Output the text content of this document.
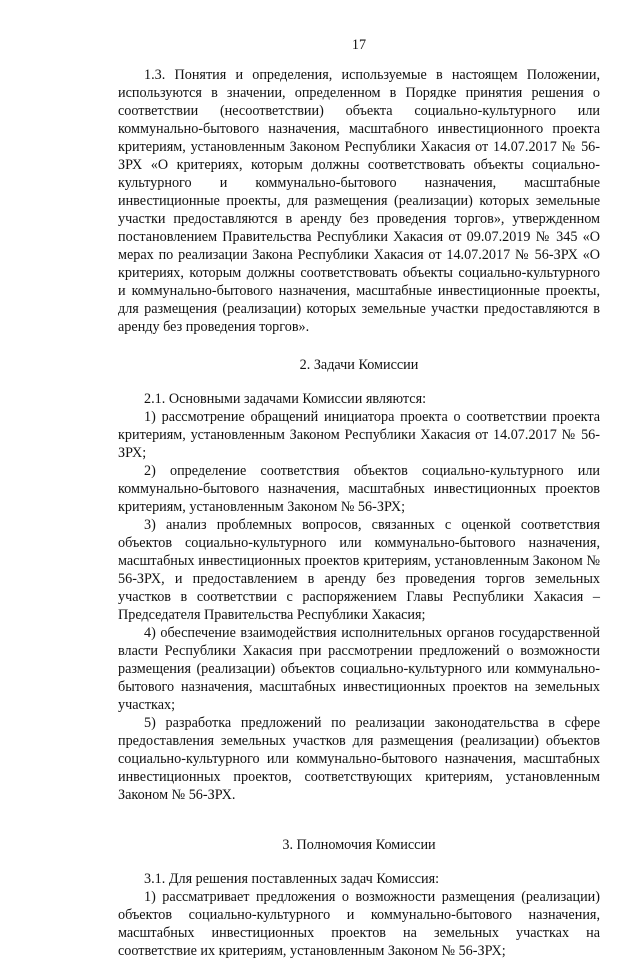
17

1.3. Понятия и определения, используемые в настоящем Положении, используются в значении, определенном в Порядке принятия решения о соответствии (несоответствии) объекта социально-культурного или коммунально-бытового назначения, масштабного инвестиционного проекта критериям, установленным Законом Республики Хакасия от 14.07.2017 № 56-ЗРХ «О критериях, которым должны соответствовать объекты социально-культурного и коммунально-бытового назначения, масштабные инвестиционные проекты, для размещения (реализации) которых земельные участки предоставляются в аренду без проведения торгов», утвержденном постановлением Правительства Республики Хакасия от 09.07.2019 № 345 «О мерах по реализации Закона Республики Хакасия от 14.07.2017 № 56-ЗРХ «О критериях, которым должны соответствовать объекты социально-культурного и коммунально-бытового назначения, масштабные инвестиционные проекты, для размещения (реализации) которых земельные участки предоставляются в аренду без проведения торгов».

2. Задачи Комиссии

2.1. Основными задачами Комиссии являются:

1) рассмотрение обращений инициатора проекта о соответствии проекта критериям, установленным Законом Республики Хакасия от 14.07.2017 № 56-ЗРХ;

2) определение соответствия объектов социально-культурного или коммунально-бытового назначения, масштабных инвестиционных проектов критериям, установленным Законом № 56-ЗРХ;

3) анализ проблемных вопросов, связанных с оценкой соответствия объектов социально-культурного или коммунально-бытового назначения, масштабных инвестиционных проектов критериям, установленным Законом № 56-ЗРХ, и предоставлением в аренду без проведения торгов земельных участков в соответствии с распоряжением Главы Республики Хакасия – Председателя Правительства Республики Хакасия;

4) обеспечение взаимодействия исполнительных органов государственной власти Республики Хакасия при рассмотрении предложений о возможности размещения (реализации) объектов социально-культурного или коммунально-бытового назначения, масштабных инвестиционных проектов на земельных участках;

5) разработка предложений по реализации законодательства в сфере предоставления земельных участков для размещения (реализации) объектов социально-культурного или коммунально-бытового назначения, масштабных инвестиционных проектов, соответствующих критериям, установленным Законом № 56-ЗРХ.

3. Полномочия Комиссии

3.1. Для решения поставленных задач Комиссия:

1) рассматривает предложения о возможности размещения (реализации) объектов социально-культурного и коммунально-бытового назначения, масштабных инвестиционных проектов на земельных участках на соответствие их критериям, установленным Законом № 56-ЗРХ;
